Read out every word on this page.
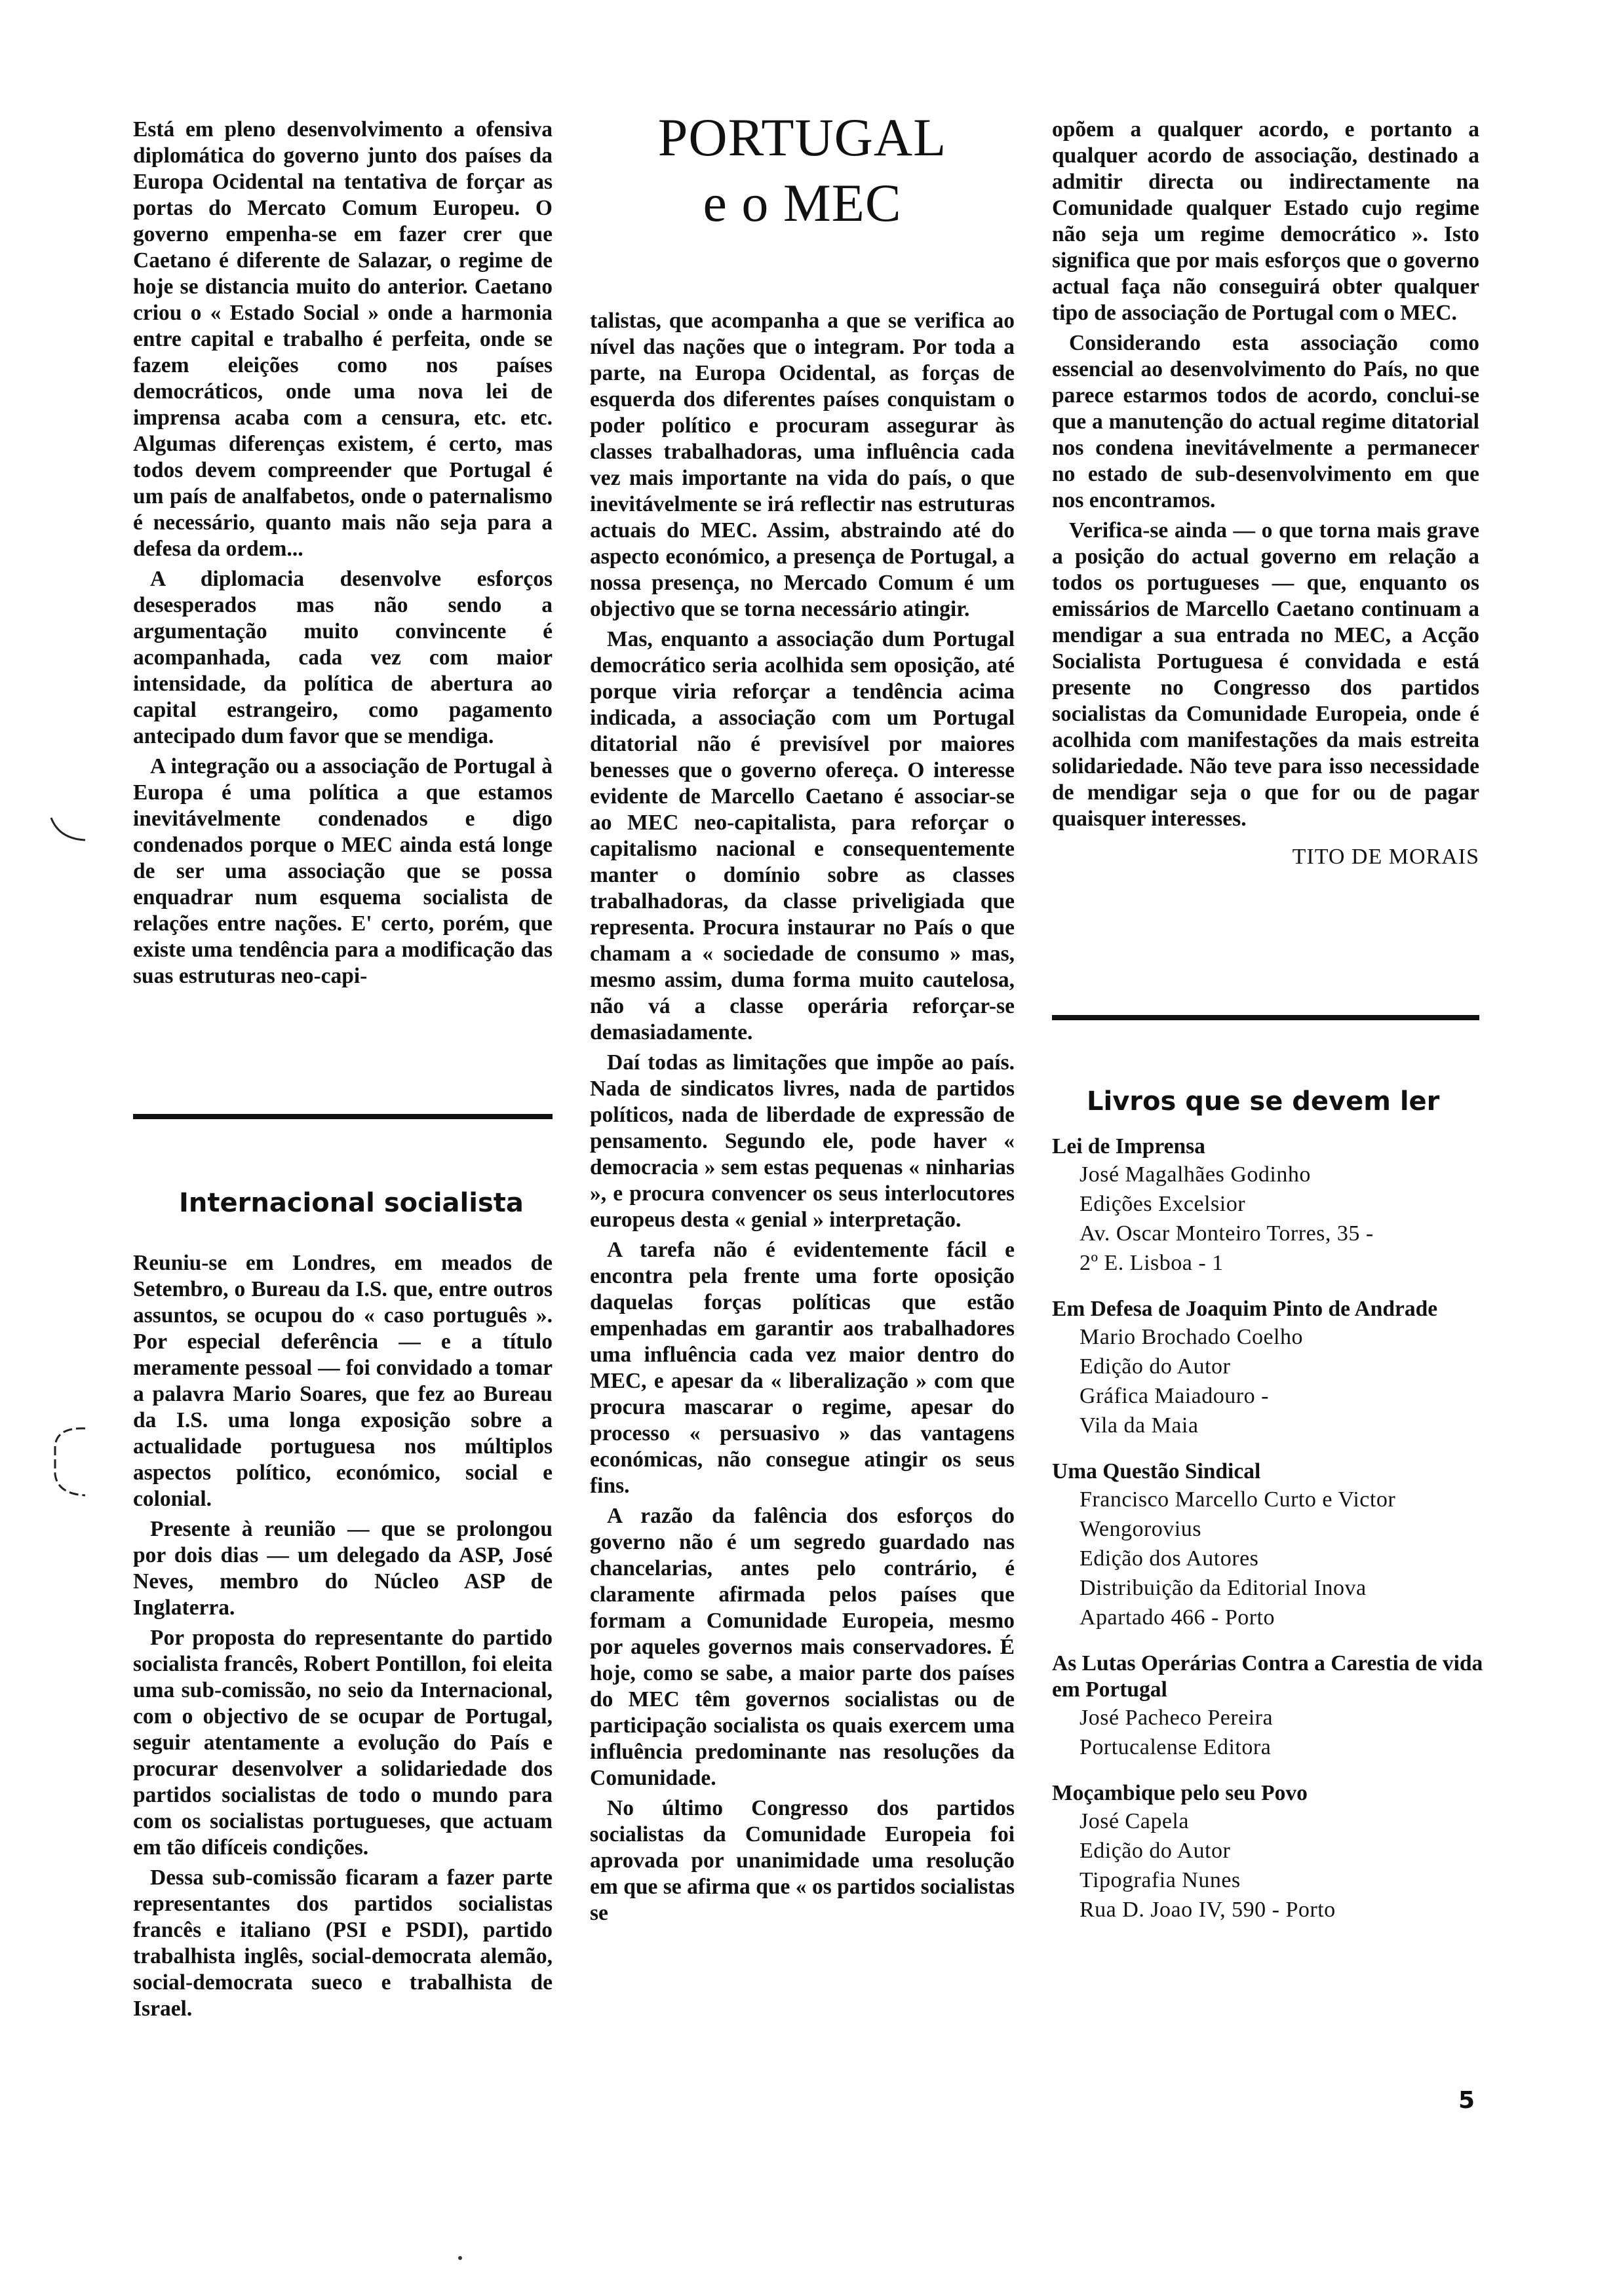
PORTUGAL
e o MEC

Está em pleno desenvolvimento a ofensiva diplomática do governo junto dos países da Europa Ocidental na tentativa de forçar as portas do Mercato Comum Europeu. O governo empenha-se em fazer crer que Caetano é diferente de Salazar, o regime de hoje se distancia muito do anterior. Caetano criou o « Estado Social » onde a harmonia entre capital e trabalho é perfeita, onde se fazem eleições como nos países democráticos, onde uma nova lei de imprensa acaba com a censura, etc. etc. Algumas diferenças existem, é certo, mas todos devem compreender que Portugal é um país de analfabetos, onde o paternalismo é necessário, quanto mais não seja para a defesa da ordem...

A diplomacia desenvolve esforços desesperados mas não sendo a argumentação muito convincente é acompanhada, cada vez com maior intensidade, da política de abertura ao capital estrangeiro, como pagamento antecipado dum favor que se mendiga.

A integração ou a associação de Portugal à Europa é uma política a que estamos inevitávelmente condenados e digo condenados porque o MEC ainda está longe de ser uma associação que se possa enquadrar num esquema socialista de relações entre nações. E' certo, porém, que existe uma tendência para a modificação das suas estruturas neo-capi-

Internacional socialista

Reuniu-se em Londres, em meados de Setembro, o Bureau da I.S. que, entre outros assuntos, se ocupou do « caso português ». Por especial deferência — e a título meramente pessoal — foi convidado a tomar a palavra Mario Soares, que fez ao Bureau da I.S. uma longa exposição sobre a actualidade portuguesa nos múltiplos aspectos político, económico, social e colonial.

Presente à reunião — que se prolongou por dois dias — um delegado da ASP, José Neves, membro do Núcleo ASP de Inglaterra.

Por proposta do representante do partido socialista francês, Robert Pontillon, foi eleita uma sub-comissão, no seio da Internacional, com o objectivo de se ocupar de Portugal, seguir atentamente a evolução do País e procurar desenvolver a solidariedade dos partidos socialistas de todo o mundo para com os socialistas portugueses, que actuam em tão difíceis condições.

Dessa sub-comissão ficaram a fazer parte representantes dos partidos socialistas francês e italiano (PSI e PSDI), partido trabalhista inglês, social-democrata alemão, social-democrata sueco e trabalhista de Israel.

talistas, que acompanha a que se verifica ao nível das nações que o integram. Por toda a parte, na Europa Ocidental, as forças de esquerda dos diferentes países conquistam o poder político e procuram assegurar às classes trabalhadoras, uma influência cada vez mais importante na vida do país, o que inevitávelmente se irá reflectir nas estruturas actuais do MEC. Assim, abstraindo até do aspecto económico, a presença de Portugal, a nossa presença, no Mercado Comum é um objectivo que se torna necessário atingir.

Mas, enquanto a associação dum Portugal democrático seria acolhida sem oposição, até porque viria reforçar a tendência acima indicada, a associação com um Portugal ditatorial não é previsível por maiores benesses que o governo ofereça. O interesse evidente de Marcello Caetano é associar-se ao MEC neo-capitalista, para reforçar o capitalismo nacional e consequentemente manter o domínio sobre as classes trabalhadoras, da classe priveligiada que representa. Procura instaurar no País o que chamam a « sociedade de consumo » mas, mesmo assim, duma forma muito cautelosa, não vá a classe operária reforçar-se demasiadamente.

Daí todas as limitações que impõe ao país. Nada de sindicatos livres, nada de partidos políticos, nada de liberdade de expressão de pensamento. Segundo ele, pode haver « democracia » sem estas pequenas « ninharias », e procura convencer os seus interlocutores europeus desta « genial » interpretação.

A tarefa não é evidentemente fácil e encontra pela frente uma forte oposição daquelas forças políticas que estão empenhadas em garantir aos trabalhadores uma influência cada vez maior dentro do MEC, e apesar da « liberalização » com que procura mascarar o regime, apesar do processo « persuasivo » das vantagens económicas, não consegue atingir os seus fins.

A razão da falência dos esforços do governo não é um segredo guardado nas chancelarias, antes pelo contrário, é claramente afirmada pelos países que formam a Comunidade Europeia, mesmo por aqueles governos mais conservadores. É hoje, como se sabe, a maior parte dos países do MEC têm governos socialistas ou de participação socialista os quais exercem uma influência predominante nas resoluções da Comunidade.

No último Congresso dos partidos socialistas da Comunidade Europeia foi aprovada por unanimidade uma resolução em que se afirma que « os partidos socialistas se

opõem a qualquer acordo, e portanto a qualquer acordo de associação, destinado a admitir directa ou indirectamente na Comunidade qualquer Estado cujo regime não seja um regime democrático ». Isto significa que por mais esforços que o governo actual faça não conseguirá obter qualquer tipo de associação de Portugal com o MEC.

Considerando esta associação como essencial ao desenvolvimento do País, no que parece estarmos todos de acordo, conclui-se que a manutenção do actual regime ditatorial nos condena inevitávelmente a permanecer no estado de sub-desenvolvimento em que nos encontramos.

Verifica-se ainda — o que torna mais grave a posição do actual governo em relação a todos os portugueses — que, enquanto os emissários de Marcello Caetano continuam a mendigar a sua entrada no MEC, a Acção Socialista Portuguesa é convidada e está presente no Congresso dos partidos socialistas da Comunidade Europeia, onde é acolhida com manifestações da mais estreita solidariedade. Não teve para isso necessidade de mendigar seja o que for ou de pagar quaisquer interesses.

TITO DE MORAIS
Livros que se devem ler
Lei de Imprensa
José Magalhães Godinho
Edições Excelsior
Av. Oscar Monteiro Torres, 35 -
2º E. Lisboa - 1
Em Defesa de Joaquim Pinto de Andrade
Mario Brochado Coelho
Edição do Autor
Gráfica Maiadouro -
Vila da Maia
Uma Questão Sindical
Francisco Marcello Curto e Victor
Wengorovius
Edição dos Autores
Distribuição da Editorial Inova
Apartado 466 - Porto
As Lutas Operárias Contra a Carestia de vida em Portugal
José Pacheco Pereira
Portucalense Editora
Moçambique pelo seu Povo
José Capela
Edição do Autor
Tipografia Nunes
Rua D. Joao IV, 590 - Porto
5
